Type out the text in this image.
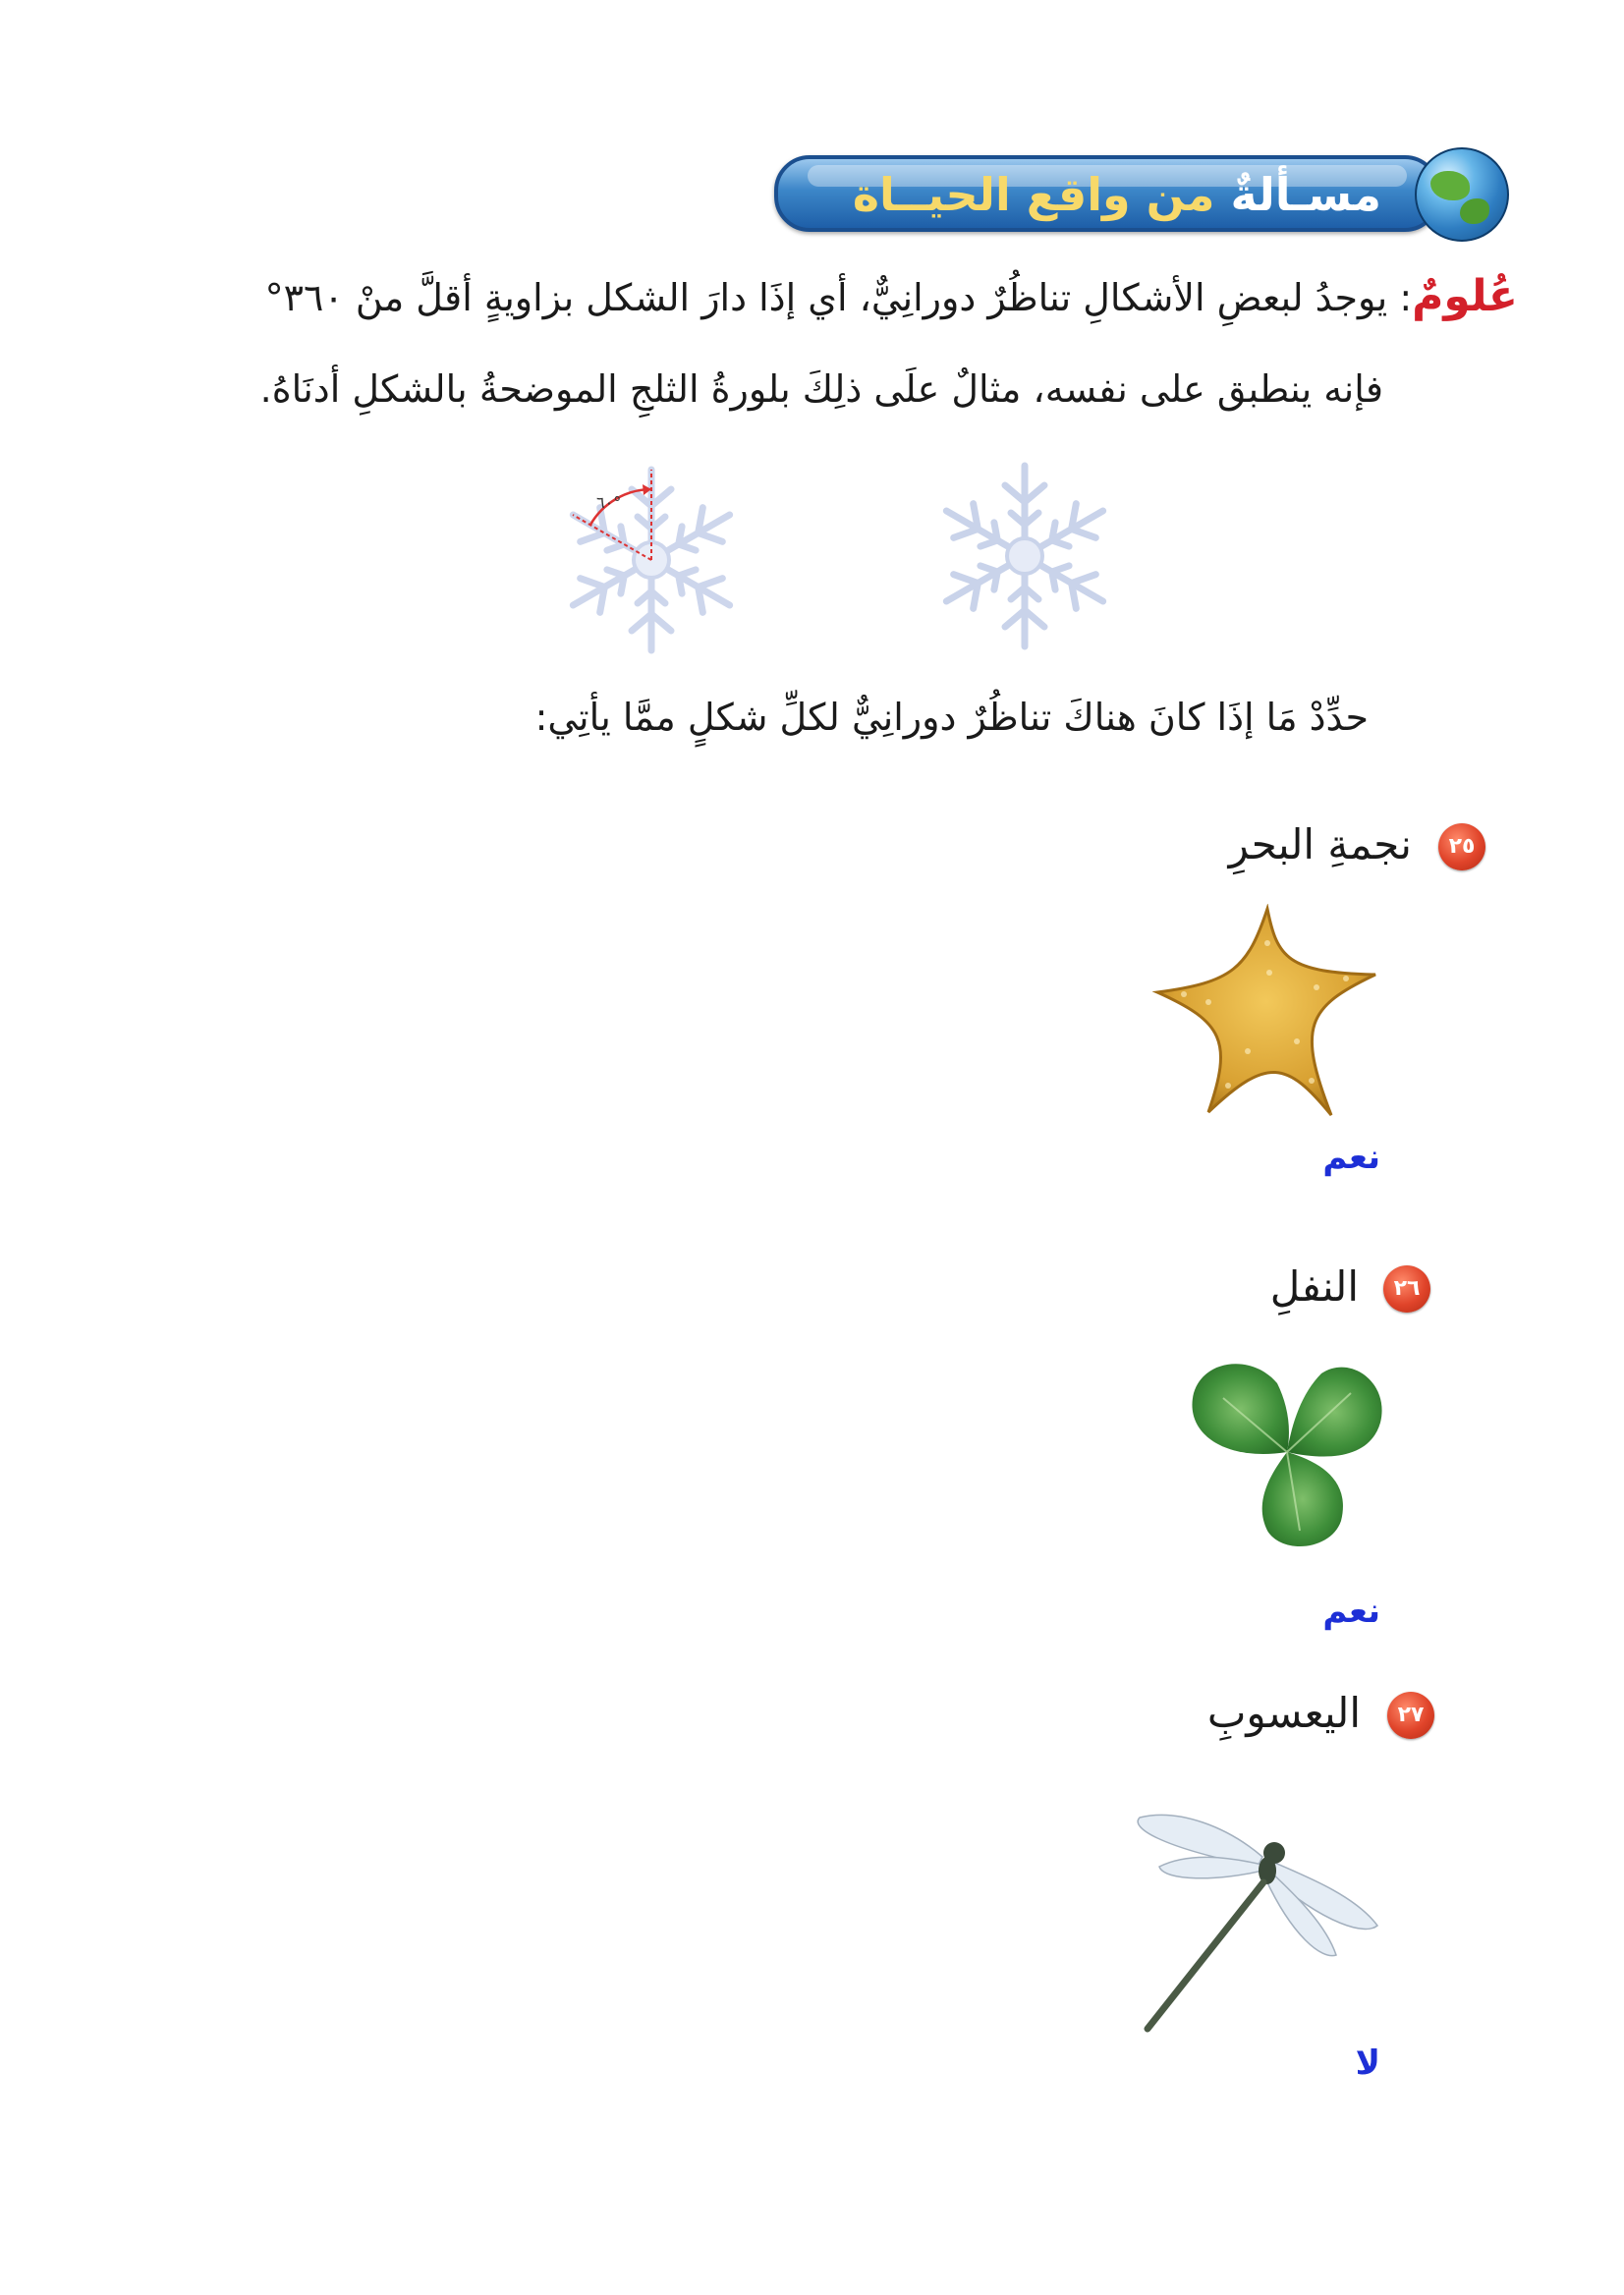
مسـألةٌ من واقع الحيــاة
عُلومٌ: يوجدُ لبعضِ الأشكالِ تناظُرٌ دورانِيٌّ، أي إذَا دارَ الشكل بزاويةٍ أقلَّ منْ ٣٦٠°
فإنه ينطبق على نفسه، مثالٌ علَى ذلِكَ بلورةُ الثلجِ الموضحةُ بالشكلِ أدنَاهُ.
٦٠°
حدِّدْ مَا إذَا كانَ هناكَ تناظُرٌ دورانِيٌّ لكلِّ شكلٍ ممَّا يأتِي:
٢٥
نجمةِ البحرِ
نعم
٢٦
النفلِ
نعم
٢٧
اليعسوبِ
لا
